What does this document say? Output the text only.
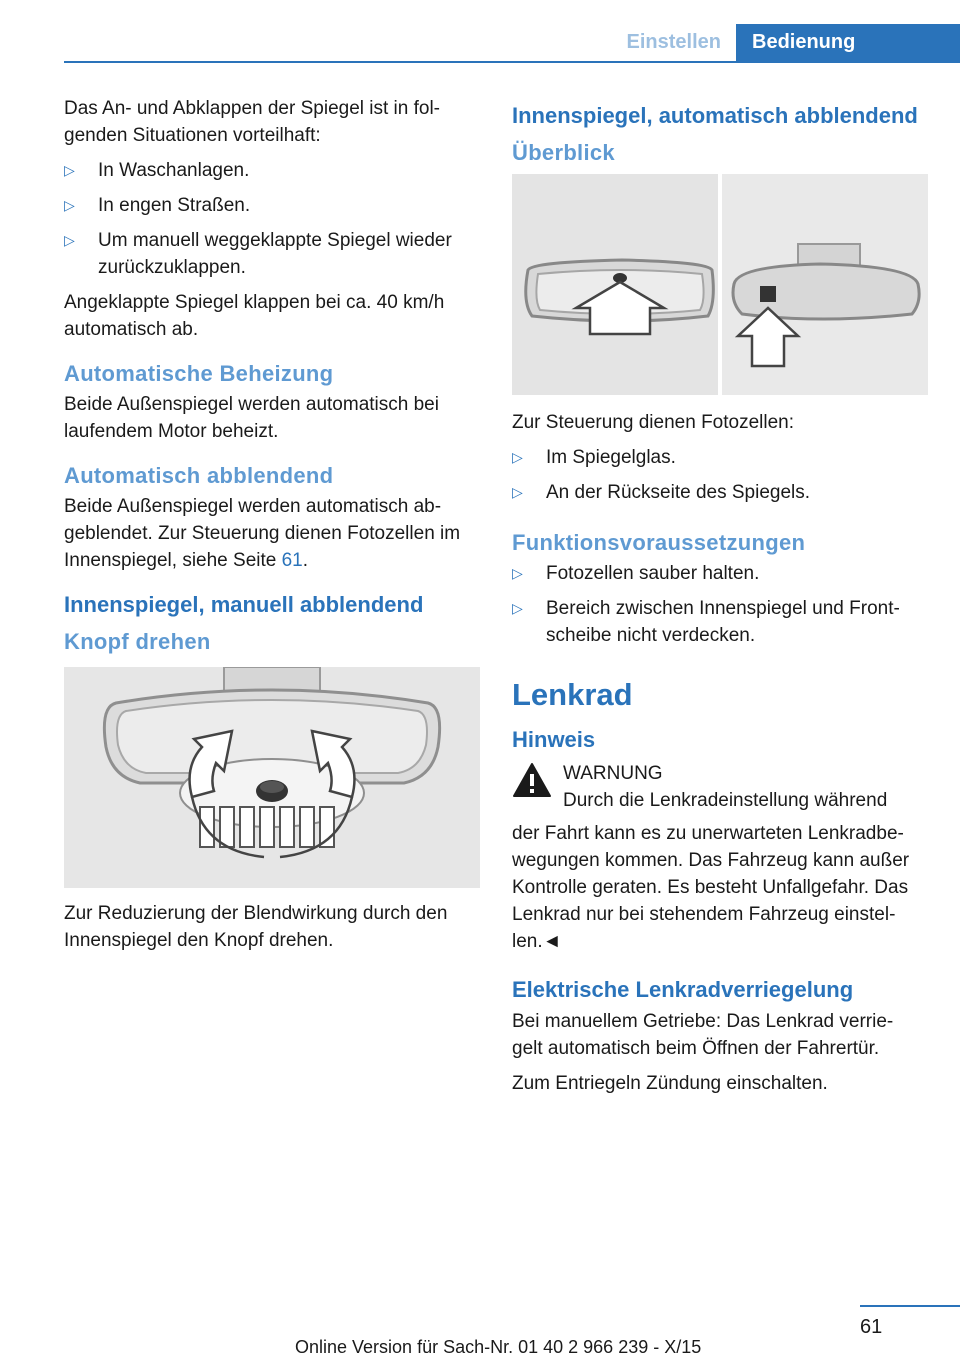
Einstellen	Bedienung

Das An- und Abklappen der Spiegel ist in fol‐ genden Situationen vorteilhaft:

▷ In Waschanlagen.
▷ In engen Straßen.
▷ Um manuell weggeklappte Spiegel wieder zurückzuklappen.

Angeklappte Spiegel klappen bei ca. 40 km/h automatisch ab.

Automatische Beheizung

Beide Außenspiegel werden automatisch bei laufendem Motor beheizt.

Automatisch abblendend

Beide Außenspiegel werden automatisch ab‐ geblendet. Zur Steuerung dienen Fotozellen im Innenspiegel, siehe Seite 61.

Innenspiegel, manuell abblendend
Knopf drehen

Zur Reduzierung der Blendwirkung durch den Innenspiegel den Knopf drehen.

Innenspiegel, automatisch abblendend
Überblick

Zur Steuerung dienen Fotozellen:

▷ Im Spiegelglas.
▷ An der Rückseite des Spiegels.
Funktionsvoraussetzungen
▷ Fotozellen sauber halten.
▷ Bereich zwischen Innenspiegel und Front‐ scheibe nicht verdecken.
Lenkrad
Hinweis
WARNUNG
Durch die Lenkradeinstellung während

der Fahrt kann es zu unerwarteten Lenkradbe‐ wegungen kommen. Das Fahrzeug kann außer Kontrolle geraten. Es besteht Unfallgefahr. Das Lenkrad nur bei stehendem Fahrzeug einstel‐ len.◄

Elektrische Lenkradverriegelung

Bei manuellem Getriebe: Das Lenkrad verrie‐ gelt automatisch beim Öffnen der Fahrertür.

Zum Entriegeln Zündung einschalten.

61
Online Version für Sach-Nr. 01 40 2 966 239 - X/15
